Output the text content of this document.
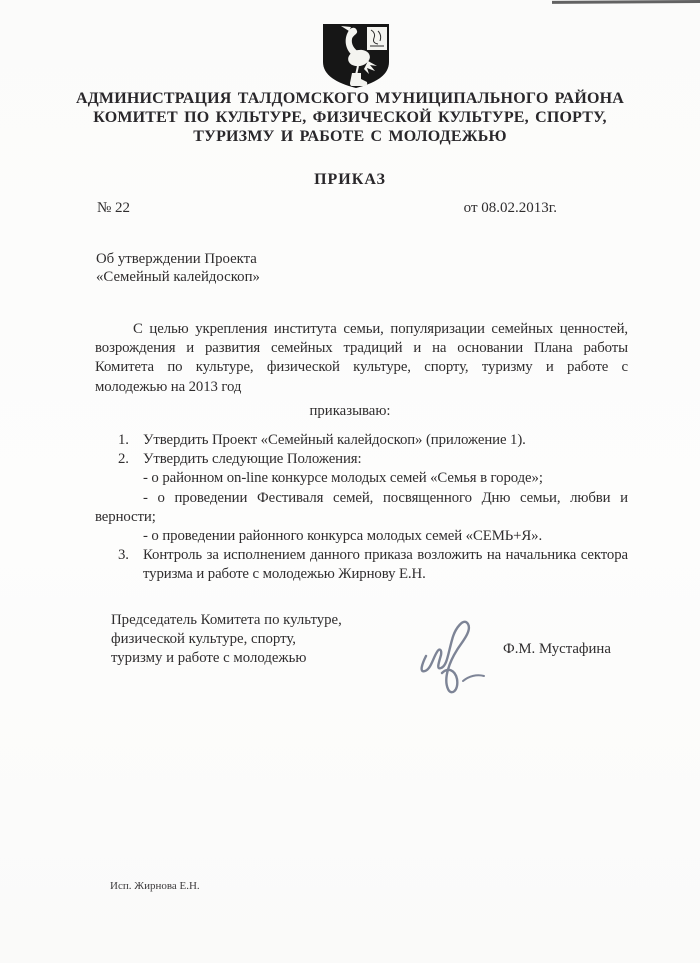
АДМИНИСТРАЦИЯ ТАЛДОМСКОГО МУНИЦИПАЛЬНОГО РАЙОНА
КОМИТЕТ ПО КУЛЬТУРЕ, ФИЗИЧЕСКОЙ КУЛЬТУРЕ, СПОРТУ,
ТУРИЗМУ И РАБОТЕ С МОЛОДЕЖЬЮ
ПРИКАЗ
№ 22	от 08.02.2013г.
Об утверждении Проекта
«Семейный калейдоскоп»
С целью укрепления института семьи, популяризации семейных ценностей,
возрождения и развития семейных традиций и на основании Плана работы
Комитета по культуре, физической культуре, спорту, туризму и работе с
молодежью на 2013 год
приказываю:
1. Утвердить Проект «Семейный калейдоскоп» (приложение 1).
2. Утвердить следующие Положения:
- о районном on-line конкурсе молодых семей «Семья в городе»;
- о проведении Фестиваля семей, посвященного Дню семьи, любви и
верности;
- о проведении районного конкурса молодых семей «СЕМЬ+Я».
3. Контроль за исполнением данного приказа возложить на начальника сектора
туризма и работе с молодежью Жирнову Е.Н.
Председатель Комитета по культуре,
физической культуре, спорту,
туризму и работе с молодежью
Ф.М. Мустафина
Исп. Жирнова Е.Н.
